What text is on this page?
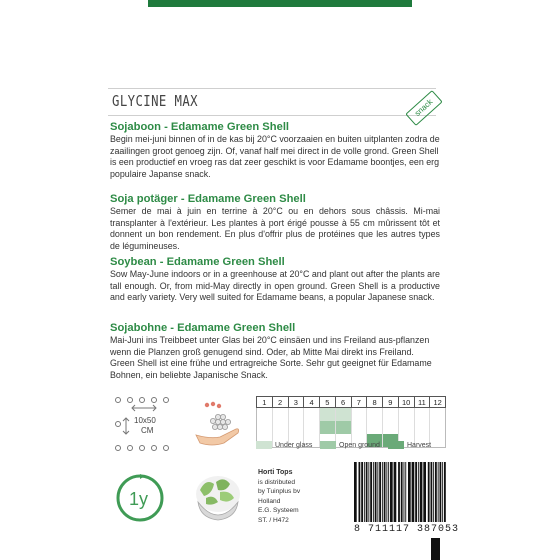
GLYCINE MAX	snack
Sojaboon - Edamame Green Shell

Begin mei-juni binnen of in de kas bij 20°C voorzaaien en buiten uitplanten zodra de zaailingen groot genoeg zijn. Of, vanaf half mei direct in de volle grond. Green Shell is een productief en vroeg ras dat zeer geschikt is voor Edamame boontjes, een erg populaire Japanse snack.

Soja potäger - Edamame Green Shell

Semer de mai à juin en terrine à 20°C ou en dehors sous châssis. Mi-mai transplanter à l'extérieur. Les plantes à port érigé pousse à 55 cm mûrissent tôt et donnent un bon rendement. En plus d'offrir plus de protéines que les autres types de légumineuses.

Soybean - Edamame Green Shell

Sow May-June indoors or in a greenhouse at 20°C and plant out after the plants are tall enough. Or, from mid-May directly in open ground. Green Shell is a productive and early variety. Very well suited for Edamame beans, a popular Japanese snack.

Sojabohne - Edamame Green Shell

Mai-Juni ins Treibbeet unter Glas bei 20°C einsäen und ins Freiland aus-pflanzen wenn die Planzen groß genugend sind. Oder, ab Mitte Mai direkt ins Freiland. Green Shell ist eine frühe und ertragreiche Sorte. Sehr gut geeignet für Edamame Bohnen, ein beliebte Japanische Snack.

10x50
CM
1y
1	2	3	4	5	6	7	8	9	10	11	12
Under glass	Open ground	Harvest
Horti Tops
is distributed
by Tuinplus bv
Holland
E.G. Systeem
ST. / H472
8 711117 387053
